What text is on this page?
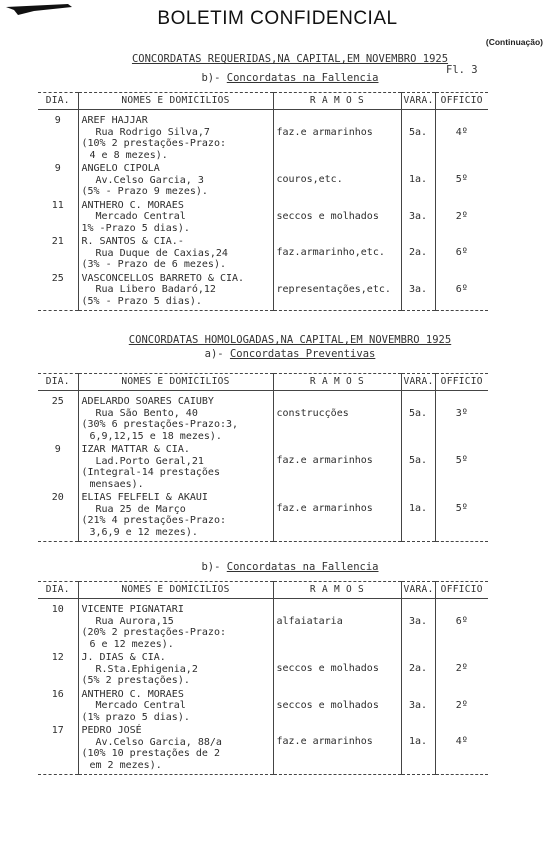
BOLETIM CONFIDENCIAL
(Continuação)
CONCORDATAS REQUERIDAS,NA CAPITAL,EM NOVEMBRO 1925
Fl. 3
b)- Concordatas na Fallencia
DIA.	NOMES E DOMICILIOS	R A M O S	VARA.	OFFICIO
9	AREF HAJJAR
Rua Rodrigo Silva,7
(10% 2 prestações-Prazo:
4 e 8 mezes).	faz.e armarinhos	5a.	4º
9	ANGELO CIPOLA
Av.Celso Garcia, 3
(5% - Prazo 9 mezes).	couros,etc.	1a.	5º
11	ANTHERO C. MORAES
Mercado Central
1% -Prazo 5 dias).	seccos e molhados	3a.	2º
21	R. SANTOS & CIA.-
Rua Duque de Caxias,24
(3% - Prazo de 6 mezes).	faz.armarinho,etc.	2a.	6º
25	VASCONCELLOS BARRETO & CIA.
Rua Libero Badaró,12
(5% - Prazo 5 dias).	representações,etc.	3a.	6º
CONCORDATAS HOMOLOGADAS,NA CAPITAL,EM NOVEMBRO 1925
a)- Concordatas Preventivas
DIA.	NOMES E DOMICILIOS	R A M O S	VARA.	OFFICIO
25	ADELARDO SOARES CAIUBY
Rua São Bento, 40
(30% 6 prestações-Prazo:3,
6,9,12,15 e 18 mezes).	construcções	5a.	3º
9	IZAR MATTAR & CIA.
Lad.Porto Geral,21
(Integral-14 prestações
mensaes).	faz.e armarinhos	5a.	5º
20	ELIAS FELFELI & AKAUI
Rua 25 de Março
(21% 4 prestações-Prazo:
3,6,9 e 12 mezes).	faz.e armarinhos	1a.	5º
b)- Concordatas na Fallencia
DIA.	NOMES E DOMICILIOS	R A M O S	VARA.	OFFICIO
10	VICENTE PIGNATARI
Rua Aurora,15
(20% 2 prestações-Prazo:
6 e 12 mezes).	alfaiataria	3a.	6º
12	J. DIAS & CIA.
R.Sta.Ephigenia,2
(5% 2 prestações).	seccos e molhados	2a.	2º
16	ANTHERO C. MORAES
Mercado Central
(1% prazo 5 dias).	seccos e molhados	3a.	2º
17	PEDRO JOSÉ
Av.Celso Garcia, 88/a
(10% 10 prestações de 2
em 2 mezes).	faz.e armarinhos	1a.	4º
